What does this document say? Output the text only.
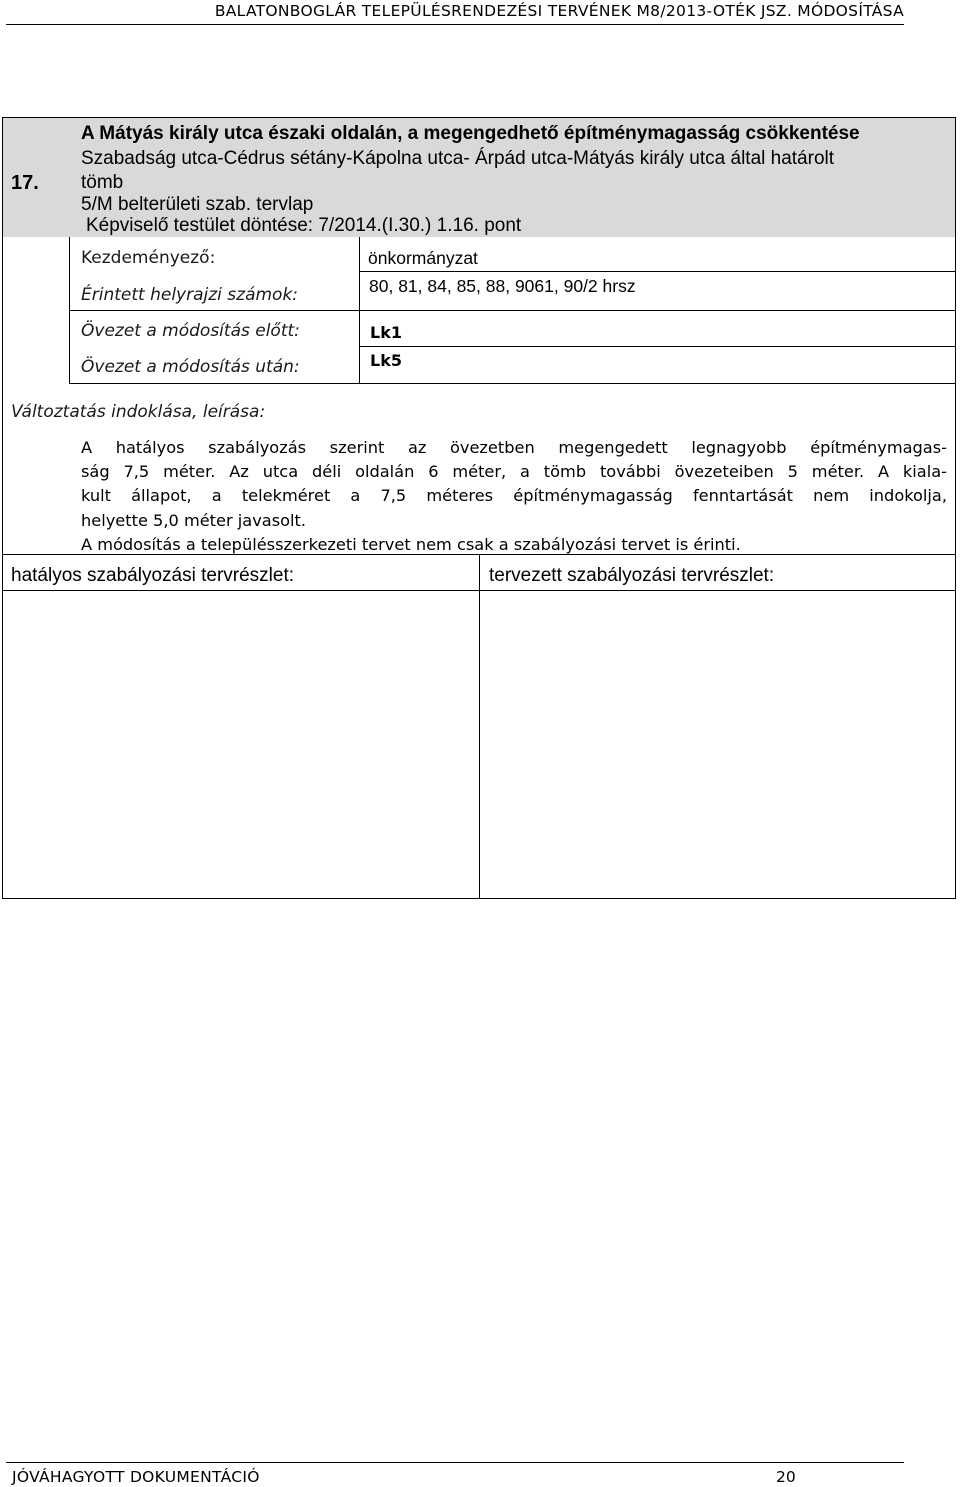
BALATONBOGLÁR TELEPÜLÉSRENDEZÉSI TERVÉNEK M8/2013-OTÉK JSZ. MÓDOSÍTÁSA
17.
A Mátyás király utca északi oldalán, a megengedhető építménymagasság csökkentése
Szabadság utca-Cédrus sétány-Kápolna utca- Árpád utca-Mátyás király utca által határolt
tömb
5/M belterületi szab. tervlap
Képviselő testület döntése: 7/2014.(I.30.) 1.16. pont
Kezdeményező:	önkormányzat
Érintett helyrajzi számok:	80, 81, 84, 85, 88, 9061, 90/2 hrsz
Övezet a módosítás előtt:	Lk1
Övezet a módosítás után:	Lk5
Változtatás indoklása, leírása:
A hatályos szabályozás szerint az övezetben megengedett legnagyobb építménymagas-
ság 7,5 méter. Az utca déli oldalán 6 méter, a tömb további övezeteiben 5 méter. A kiala-
kult állapot, a telekméret a 7,5 méteres építménymagasság fenntartását nem indokolja,
helyette 5,0 méter javasolt.
A módosítás a településszerkezeti tervet nem csak a szabályozási tervet is érinti.
hatályos szabályozási tervrészlet:	tervezett szabályozási tervrészlet:
JÓVÁHAGYOTT DOKUMENTÁCIÓ	20
